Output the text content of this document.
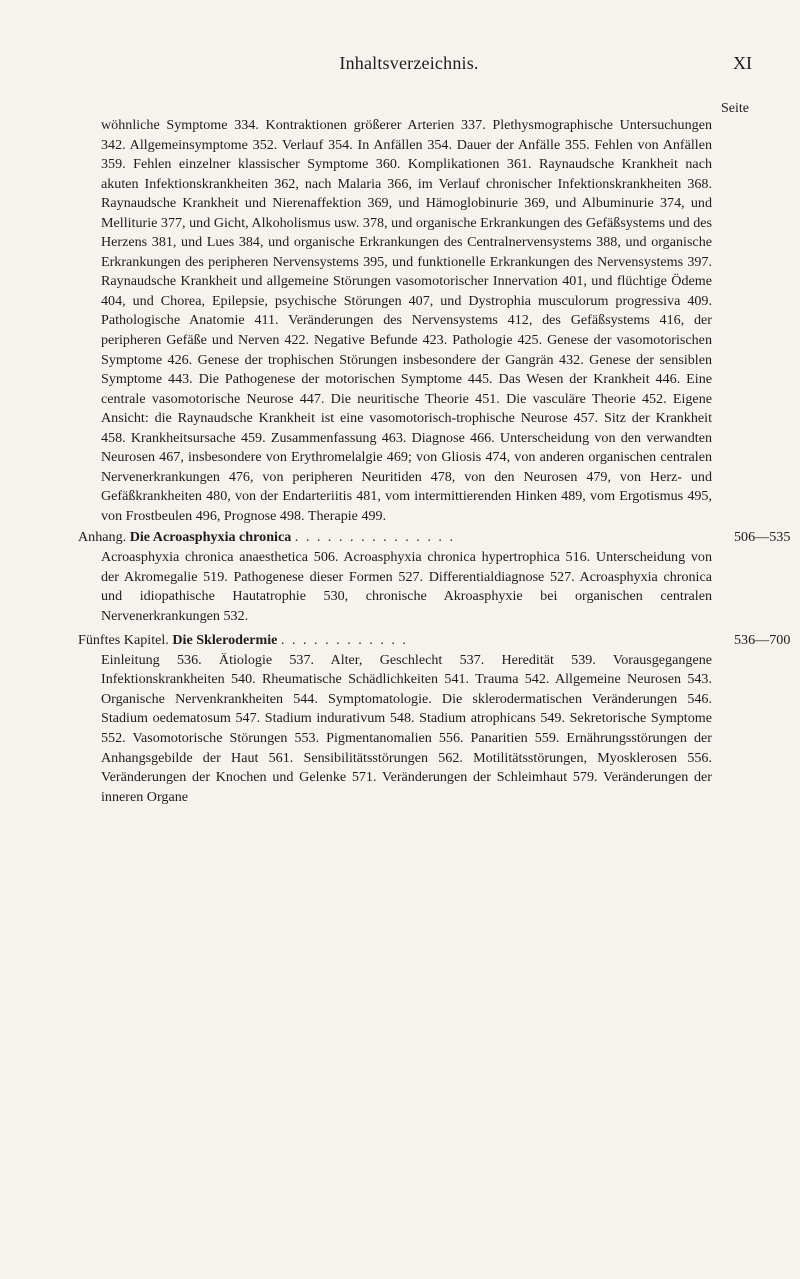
Inhaltsverzeichnis.	XI
Seite

wöhnliche Symptome 334. Kontraktionen größerer Arterien 337. Plethysmographische Untersuchungen 342. Allgemeinsymptome 352. Verlauf 354. In Anfällen 354. Dauer der Anfälle 355. Fehlen von Anfällen 359. Fehlen einzelner klassischer Symptome 360. Komplikationen 361. Raynaudsche Krankheit nach akuten Infektionskrankheiten 362, nach Malaria 366, im Verlauf chronischer Infektionskrankheiten 368. Raynaudsche Krankheit und Nierenaffektion 369, und Hämoglobinurie 369, und Albuminurie 374, und Melliturie 377, und Gicht, Alkoholismus usw. 378, und organische Erkrankungen des Gefäßsystems und des Herzens 381, und Lues 384, und organische Erkrankungen des Centralnervensystems 388, und organische Erkrankungen des peripheren Nervensystems 395, und funktionelle Erkrankungen des Nervensystems 397. Raynaudsche Krankheit und allgemeine Störungen vasomotorischer Innervation 401, und flüchtige Ödeme 404, und Chorea, Epilepsie, psychische Störungen 407, und Dystrophia musculorum progressiva 409. Pathologische Anatomie 411. Veränderungen des Nervensystems 412, des Gefäßsystems 416, der peripheren Gefäße und Nerven 422. Negative Befunde 423. Pathologie 425. Genese der vasomotorischen Symptome 426. Genese der trophischen Störungen insbesondere der Gangrän 432. Genese der sensiblen Symptome 443. Die Pathogenese der motorischen Symptome 445. Das Wesen der Krankheit 446. Eine centrale vasomotorische Neurose 447. Die neuritische Theorie 451. Die vasculäre Theorie 452. Eigene Ansicht: die Raynaudsche Krankheit ist eine vasomotorisch-trophische Neurose 457. Sitz der Krankheit 458. Krankheitsursache 459. Zusammenfassung 463. Diagnose 466. Unterscheidung von den verwandten Neurosen 467, insbesondere von Erythromelalgie 469; von Gliosis 474, von anderen organischen centralen Nervenerkrankungen 476, von peripheren Neuritiden 478, von den Neurosen 479, von Herz- und Gefäßkrankheiten 480, von der Endarteriitis 481, vom intermittierenden Hinken 489, vom Ergotismus 495, von Frostbeulen 496, Prognose 498. Therapie 499.

Anhang. Die Acroasphyxia chronica . . . . . . . . . . . . . . .	506—535

Acroasphyxia chronica anaesthetica 506. Acroasphyxia chronica hypertrophica 516. Unterscheidung von der Akromegalie 519. Pathogenese dieser Formen 527. Differentialdiagnose 527. Acroasphyxia chronica und idiopathische Hautatrophie 530, chronische Akroasphyxie bei organischen centralen Nervenerkrankungen 532.

Fünftes Kapitel. Die Sklerodermie . . . . . . . . . . . .	536—700

Einleitung 536. Ätiologie 537. Alter, Geschlecht 537. Heredität 539. Vorausgegangene Infektionskrankheiten 540. Rheumatische Schädlichkeiten 541. Trauma 542. Allgemeine Neurosen 543. Organische Nervenkrankheiten 544. Symptomatologie. Die sklerodermatischen Veränderungen 546. Stadium oedematosum 547. Stadium indurativum 548. Stadium atrophicans 549. Sekretorische Symptome 552. Vasomotorische Störungen 553. Pigmentanomalien 556. Panaritien 559. Ernährungsstörungen der Anhangsgebilde der Haut 561. Sensibilitätsstörungen 562. Motilitätsstörungen, Myosklerosen 556. Veränderungen der Knochen und Gelenke 571. Veränderungen der Schleimhaut 579. Veränderungen der inneren Organe
